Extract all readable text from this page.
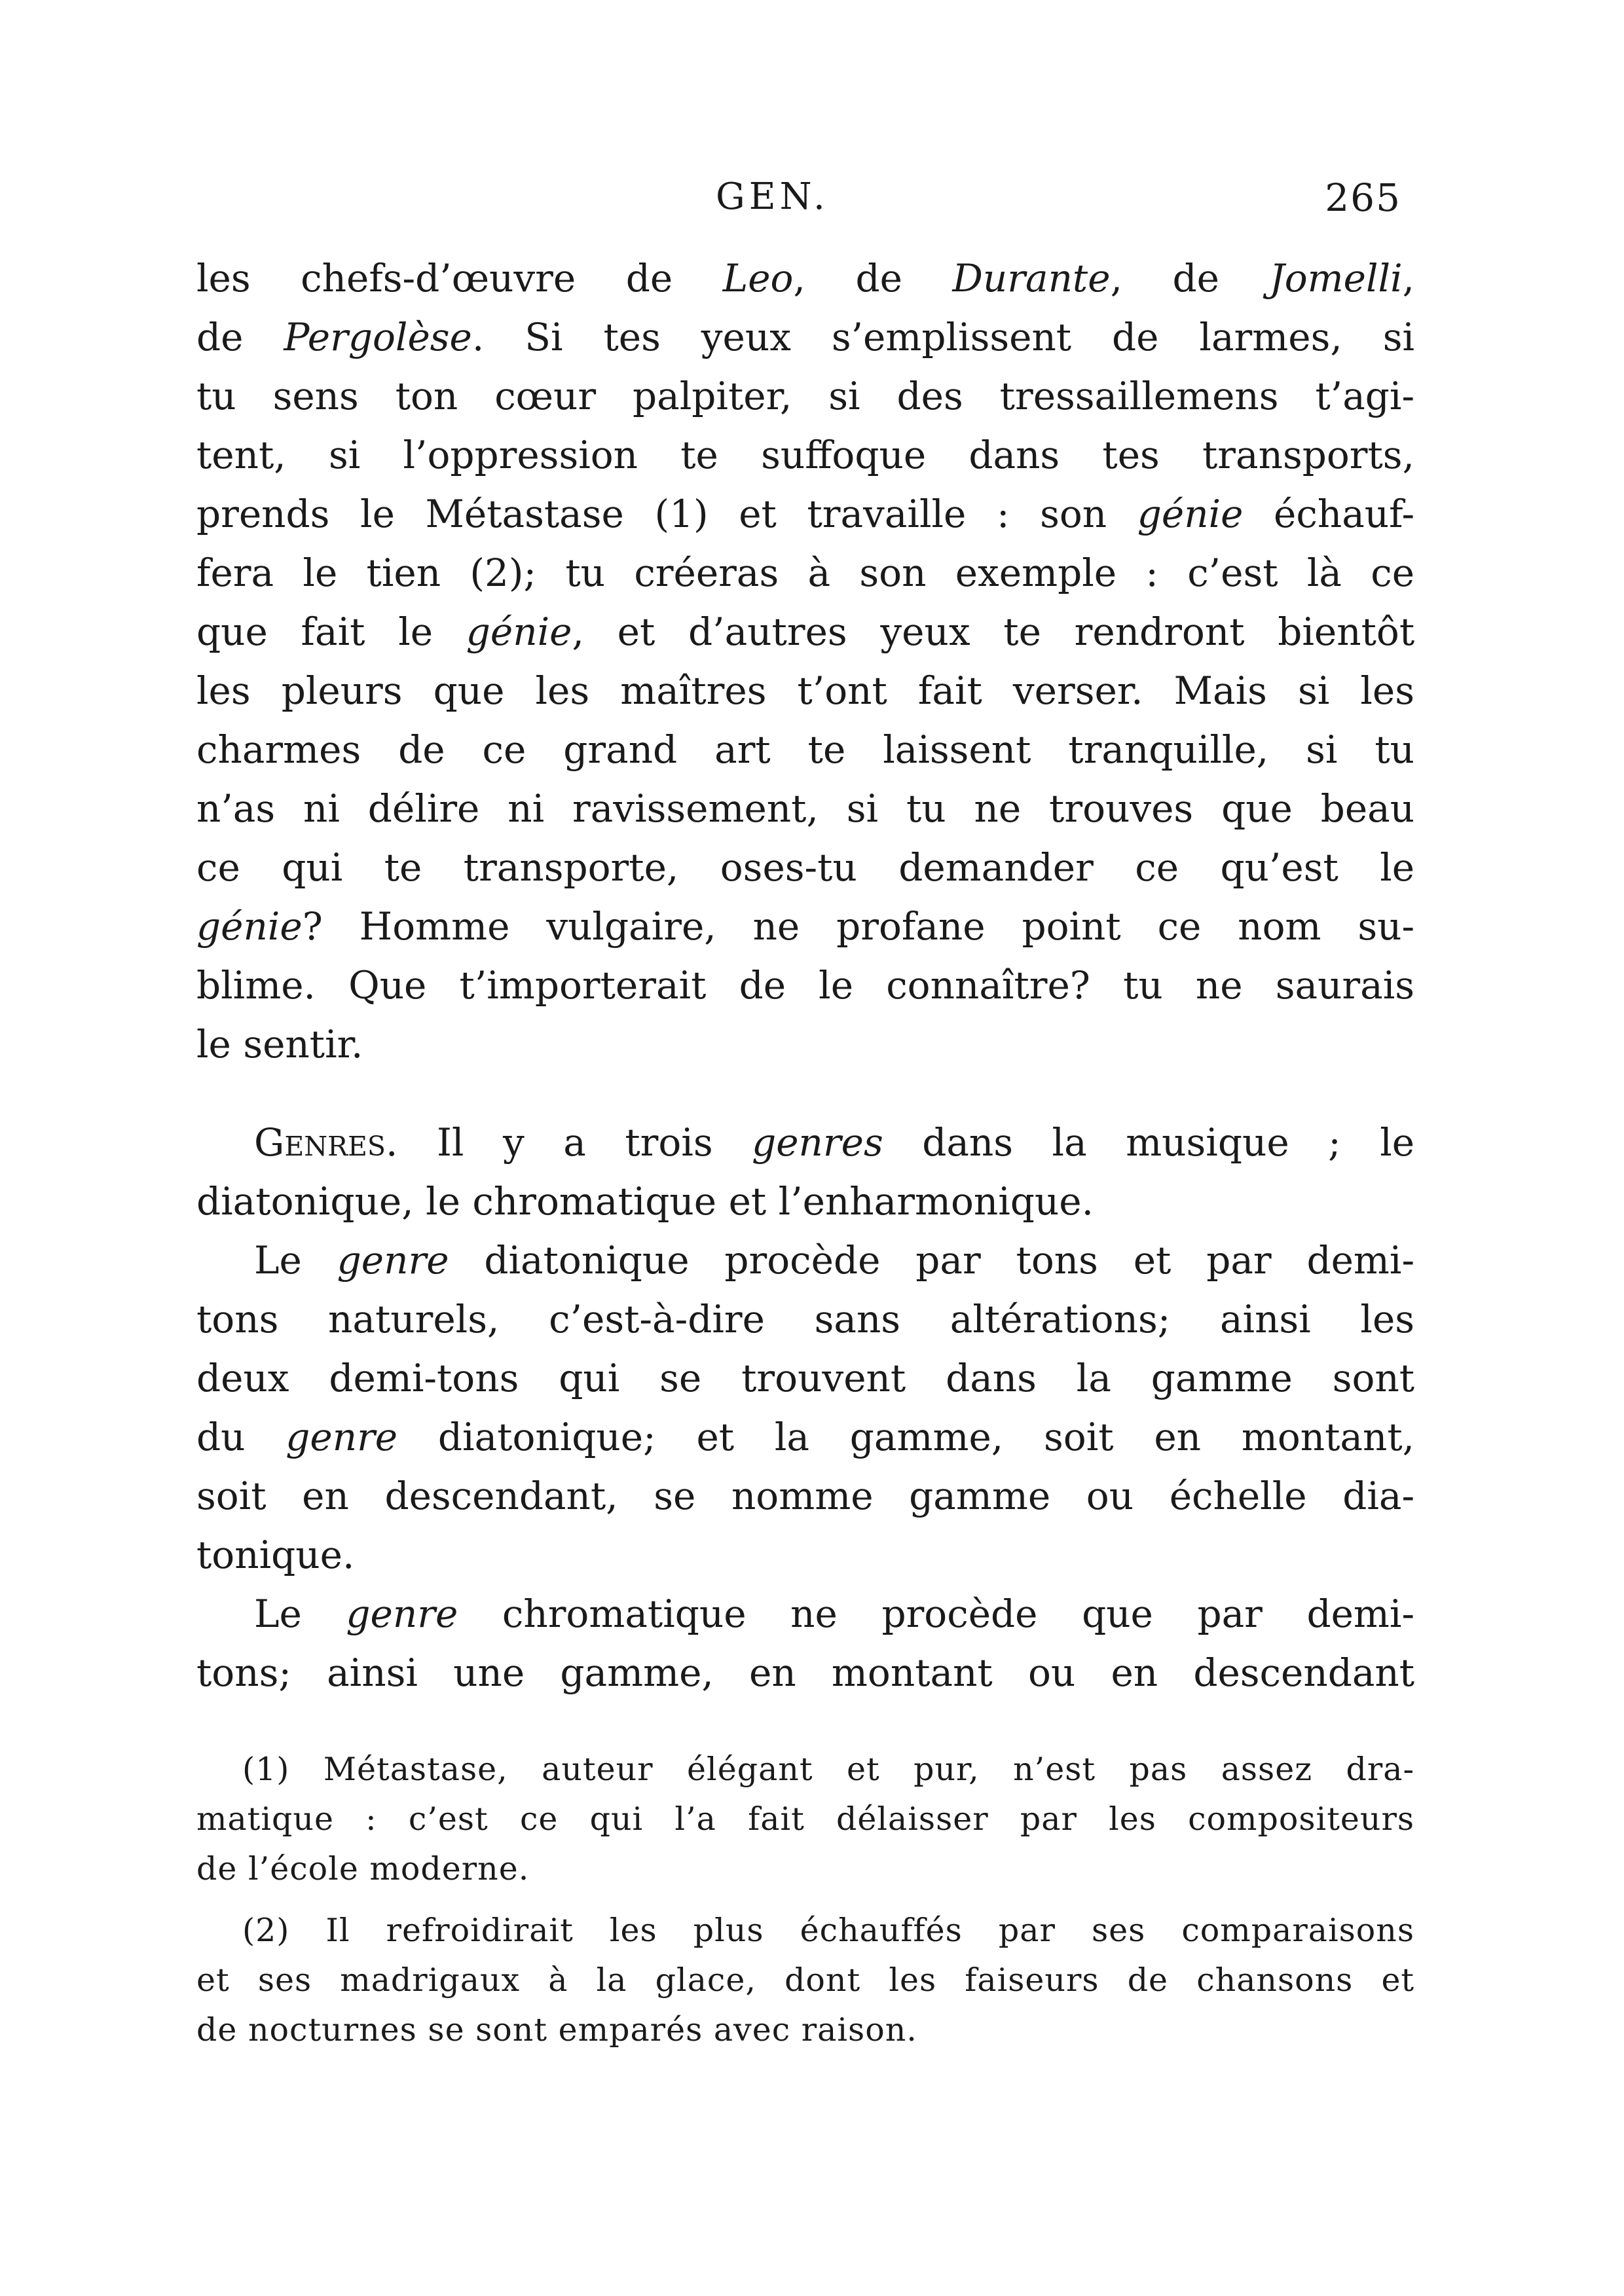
GEN.	265
les chefs-d’œuvre de Leo, de Durante, de Jomelli,
de Pergolèse. Si tes yeux s’emplissent de larmes, si
tu sens ton cœur palpiter, si des tressaillemens t’agi-
tent, si l’oppression te suffoque dans tes transports,
prends le Métastase (1) et travaille : son génie échauf-
fera le tien (2); tu créeras à son exemple : c’est là ce
que fait le génie, et d’autres yeux te rendront bientôt
les pleurs que les maîtres t’ont fait verser. Mais si les
charmes de ce grand art te laissent tranquille, si tu
n’as ni délire ni ravissement, si tu ne trouves que beau
ce qui te transporte, oses-tu demander ce qu’est le
génie? Homme vulgaire, ne profane point ce nom su-
blime. Que t’importerait de le connaître? tu ne saurais
le sentir.
Genres. Il y a trois genres dans la musique ; le
diatonique, le chromatique et l’enharmonique.
Le genre diatonique procède par tons et par demi-
tons naturels, c’est-à-dire sans altérations; ainsi les
deux demi-tons qui se trouvent dans la gamme sont
du genre diatonique; et la gamme, soit en montant,
soit en descendant, se nomme gamme ou échelle dia-
tonique.
Le genre chromatique ne procède que par demi-
tons; ainsi une gamme, en montant ou en descendant
(1) Métastase, auteur élégant et pur, n’est pas assez dra-
matique : c’est ce qui l’a fait délaisser par les compositeurs
de l’école moderne.
(2) Il refroidirait les plus échauffés par ses comparaisons
et ses madrigaux à la glace, dont les faiseurs de chansons et
de nocturnes se sont emparés avec raison.
